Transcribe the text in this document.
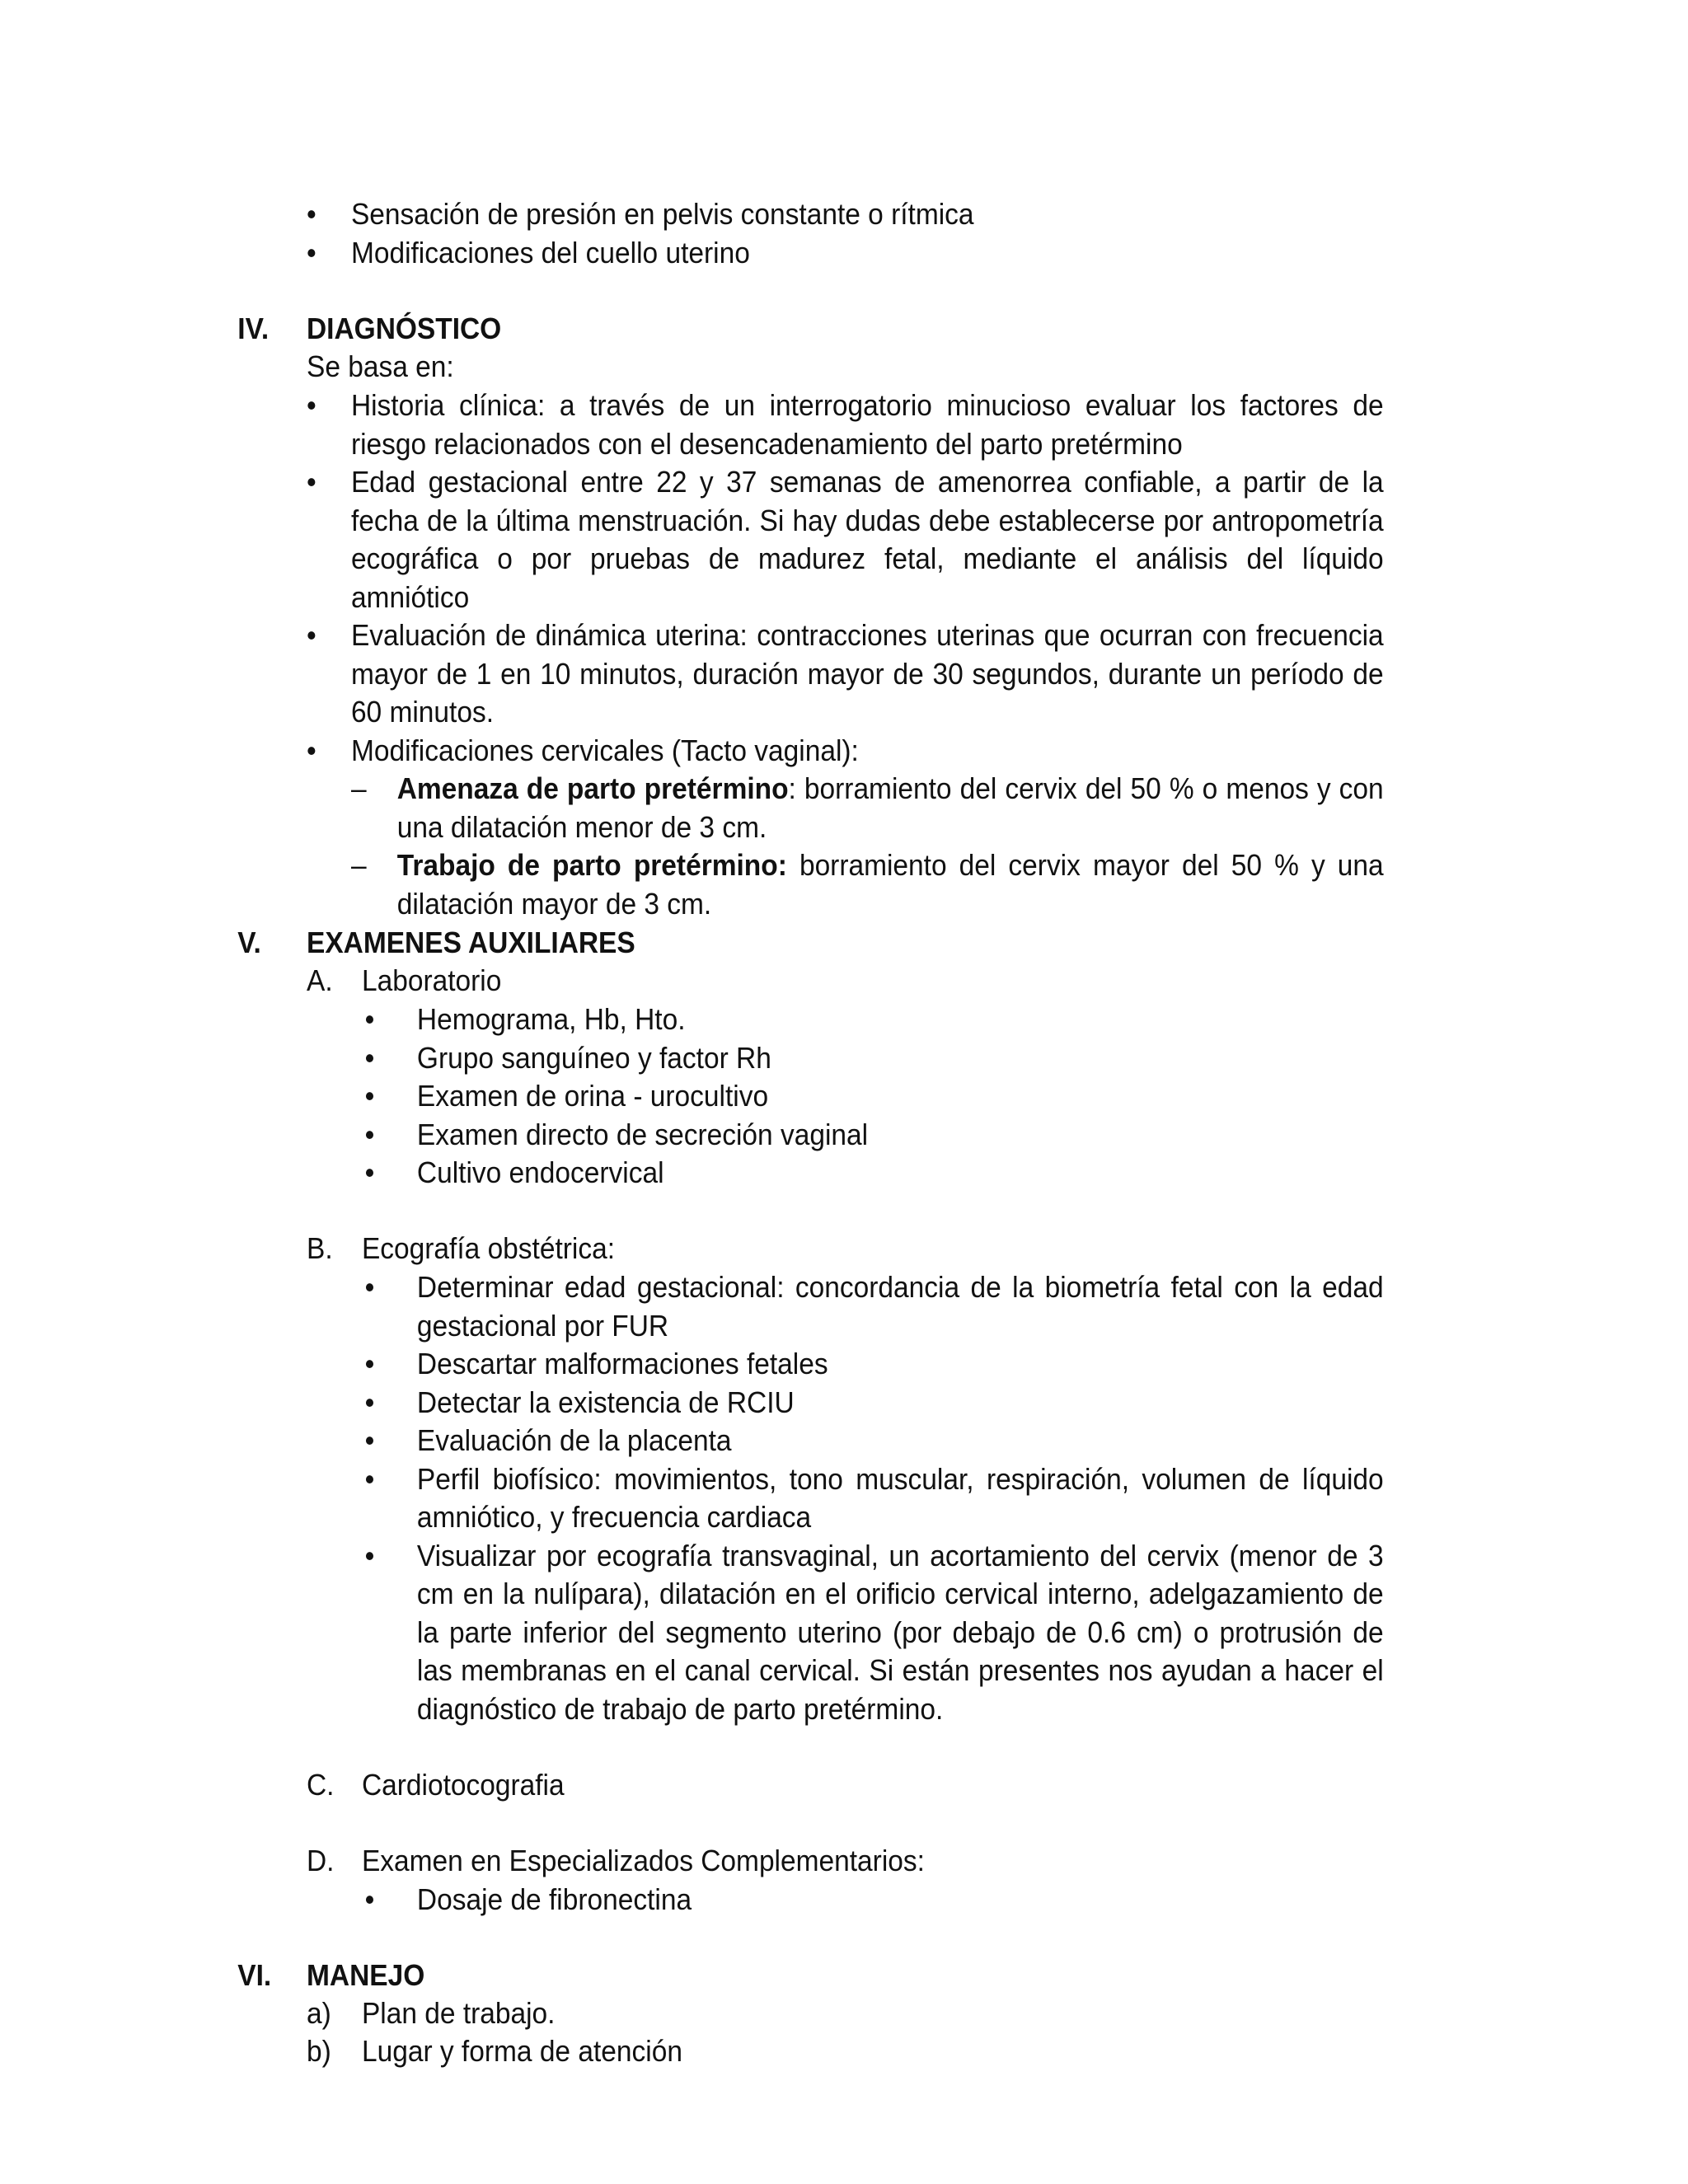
• Sensación de presión en pelvis constante o rítmica
• Modificaciones del cuello uterino
IV. DIAGNÓSTICO
Se basa en:
• Historia clínica: a través de un interrogatorio minucioso evaluar los factores de riesgo relacionados con el desencadenamiento del parto pretérmino
• Edad gestacional entre 22 y 37 semanas de amenorrea confiable, a partir de la fecha de la última menstruación. Si hay dudas debe establecerse por antropometría ecográfica o por pruebas de madurez fetal, mediante el análisis del líquido amniótico
• Evaluación de dinámica uterina: contracciones uterinas que ocurran con frecuencia mayor de 1 en 10 minutos, duración mayor de 30 segundos, durante un período de 60 minutos.
• Modificaciones cervicales (Tacto vaginal):
– Amenaza de parto pretérmino: borramiento del cervix del 50 % o menos y con una dilatación menor de 3 cm.
– Trabajo de parto pretérmino: borramiento del cervix mayor del 50 % y una dilatación mayor de 3 cm.
V. EXAMENES AUXILIARES
A. Laboratorio
• Hemograma, Hb, Hto.
• Grupo sanguíneo y factor Rh
• Examen de orina - urocultivo
• Examen directo de secreción vaginal
• Cultivo endocervical
B. Ecografía obstétrica:
• Determinar edad gestacional: concordancia de la biometría fetal con la edad gestacional por FUR
• Descartar malformaciones fetales
• Detectar la existencia de RCIU
• Evaluación de la placenta
• Perfil biofísico: movimientos, tono muscular, respiración, volumen de líquido amniótico, y frecuencia cardiaca
• Visualizar por ecografía transvaginal, un acortamiento del cervix (menor de 3 cm en la nulípara), dilatación en el orificio cervical interno, adelgazamiento de la parte inferior del segmento uterino (por debajo de 0.6 cm) o protrusión de las membranas en el canal cervical. Si están presentes nos ayudan a hacer el diagnóstico de trabajo de parto pretérmino.
C. Cardiotocografia
D. Examen en Especializados Complementarios:
• Dosaje de fibronectina
VI. MANEJO
a) Plan de trabajo.
b) Lugar y forma de atención
